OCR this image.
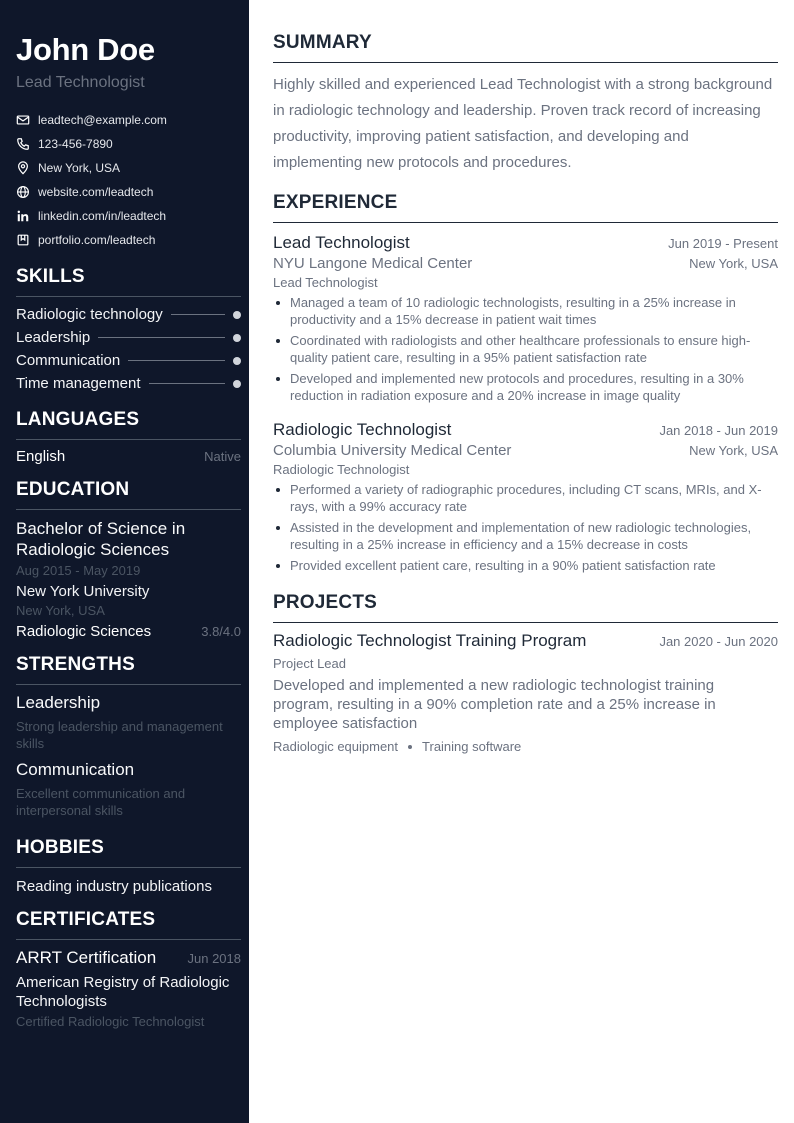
John Doe
Lead Technologist
leadtech@example.com
123-456-7890
New York, USA
website.com/leadtech
linkedin.com/in/leadtech
portfolio.com/leadtech
SKILLS
Radiologic technology
Leadership
Communication
Time management
LANGUAGES
English	Native
EDUCATION
Bachelor of Science in Radiologic Sciences
Aug 2015 - May 2019
New York University
New York, USA
Radiologic Sciences	3.8/4.0
STRENGTHS
Leadership
Strong leadership and management skills
Communication
Excellent communication and interpersonal skills
HOBBIES
Reading industry publications
CERTIFICATES
ARRT Certification Jun 2018
American Registry of Radiologic Technologists
Certified Radiologic Technologist
SUMMARY

Highly skilled and experienced Lead Technologist with a strong background in radiologic technology and leadership. Proven track record of increasing productivity, improving patient satisfaction, and developing and implementing new protocols and procedures.

EXPERIENCE
Lead Technologist	Jun 2019 - Present
NYU Langone Medical Center	New York, USA
Lead Technologist
Managed a team of 10 radiologic technologists, resulting in a 25% increase in productivity and a 15% decrease in patient wait times
Coordinated with radiologists and other healthcare professionals to ensure high-quality patient care, resulting in a 95% patient satisfaction rate
Developed and implemented new protocols and procedures, resulting in a 30% reduction in radiation exposure and a 20% increase in image quality
Radiologic Technologist	Jan 2018 - Jun 2019
Columbia University Medical Center	New York, USA
Radiologic Technologist
Performed a variety of radiographic procedures, including CT scans, MRIs, and X-rays, with a 99% accuracy rate
Assisted in the development and implementation of new radiologic technologies, resulting in a 25% increase in efficiency and a 15% decrease in costs
Provided excellent patient care, resulting in a 90% patient satisfaction rate
PROJECTS
Radiologic Technologist Training Program	Jan 2020 - Jun 2020
Project Lead
Developed and implemented a new radiologic technologist training program, resulting in a 90% completion rate and a 25% increase in employee satisfaction
Radiologic equipment Training software
